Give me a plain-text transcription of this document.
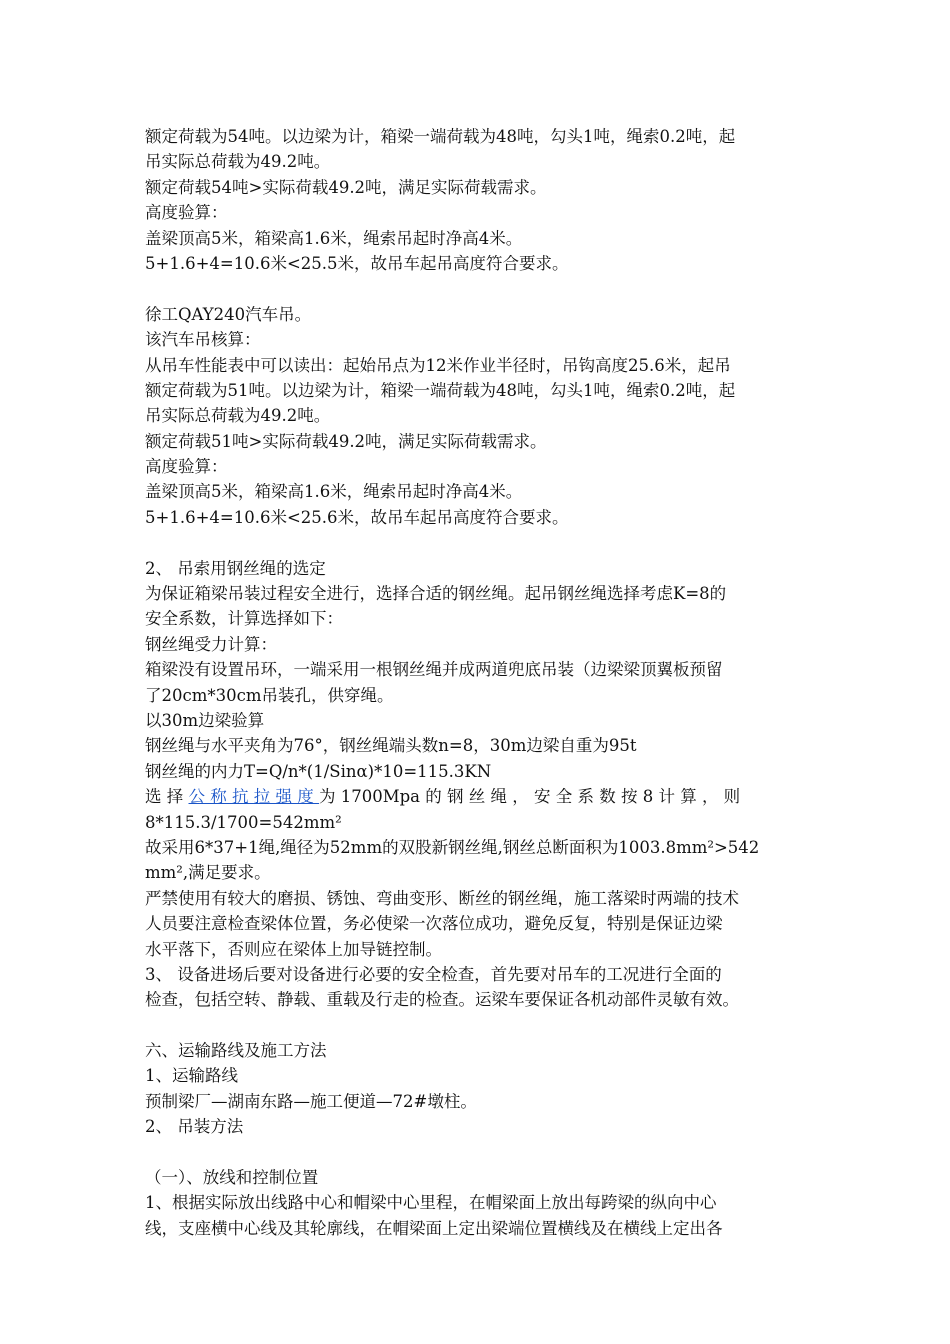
额定荷载为54吨。以边梁为计，箱梁一端荷载为48吨，勾头1吨，绳索0.2吨，起
吊实际总荷载为49.2吨。
额定荷载54吨>实际荷载49.2吨，满足实际荷载需求。
高度验算：
盖梁顶高5米，箱梁高1.6米，绳索吊起时净高4米。
5+1.6+4=10.6米<25.5米，故吊车起吊高度符合要求。
徐工QAY240汽车吊。
该汽车吊核算：
从吊车性能表中可以读出：起始吊点为12米作业半径时，吊钩高度25.6米，起吊
额定荷载为51吨。以边梁为计，箱梁一端荷载为48吨，勾头1吨，绳索0.2吨，起
吊实际总荷载为49.2吨。
额定荷载51吨>实际荷载49.2吨，满足实际荷载需求。
高度验算：
盖梁顶高5米，箱梁高1.6米，绳索吊起时净高4米。
5+1.6+4=10.6米<25.6米，故吊车起吊高度符合要求。
2、 吊索用钢丝绳的选定
为保证箱梁吊装过程安全进行，选择合适的钢丝绳。起吊钢丝绳选择考虑K=8的
安全系数，计算选择如下：
钢丝绳受力计算：
箱梁没有设置吊环，一端采用一根钢丝绳并成两道兜底吊装（边梁梁顶翼板预留
了20cm*30cm吊装孔，供穿绳。
以30m边梁验算
钢丝绳与水平夹角为76°，钢丝绳端头数n=8，30m边梁自重为95t
钢丝绳的内力T=Q/n*(1/Sinα)*10=115.3KN
选 择 公 称 抗 拉 强 度 为 1700Mpa 的 钢 丝 绳 ， 安 全 系 数 按 8 计 算 ， 则
8*115.3/1700=542mm²
故采用6*37+1绳,绳径为52mm的双股新钢丝绳,钢丝总断面积为1003.8mm²>542
mm²,满足要求。
严禁使用有较大的磨损、锈蚀、弯曲变形、断丝的钢丝绳，施工落梁时两端的技术
人员要注意检查梁体位置，务必使梁一次落位成功，避免反复，特别是保证边梁
水平落下，否则应在梁体上加导链控制。
3、 设备进场后要对设备进行必要的安全检查，首先要对吊车的工况进行全面的
检查，包括空转、静载、重载及行走的检查。运梁车要保证各机动部件灵敏有效。
六、运输路线及施工方法
1、运输路线
预制梁厂—湖南东路—施工便道—72#墩柱。
2、 吊装方法
（一）、放线和控制位置
1、根据实际放出线路中心和帽梁中心里程，在帽梁面上放出每跨梁的纵向中心
线，支座横中心线及其轮廓线，在帽梁面上定出梁端位置横线及在横线上定出各
